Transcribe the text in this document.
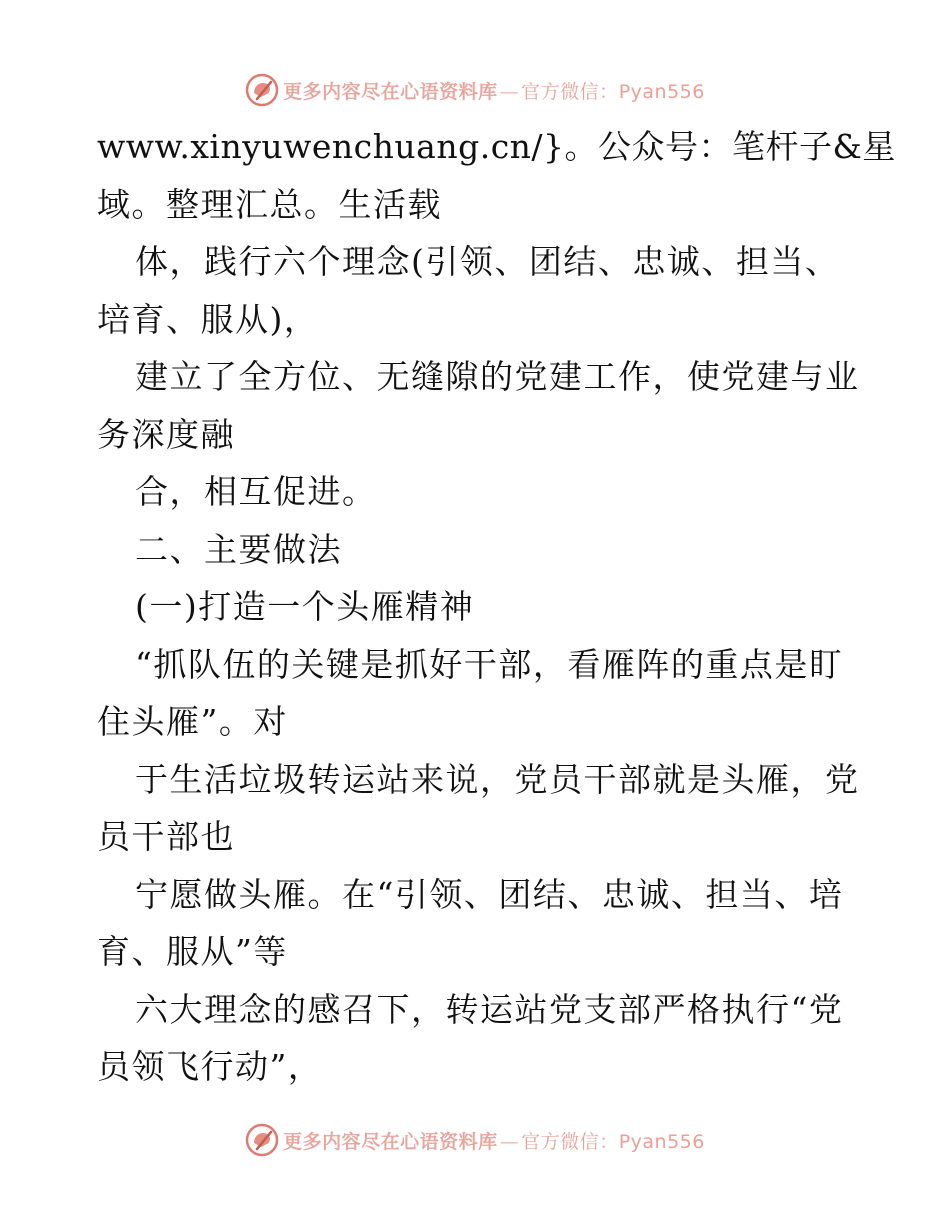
更多内容尽在心语资料库 — 官方微信：Pyan556
www.xinyuwenchuang.cn/}。公众号：笔杆子&星
域。整理汇总。生活载
体，践行六个理念(引领、团结、忠诚、担当、
培育、服从)，
建立了全方位、无缝隙的党建工作，使党建与业
务深度融
合，相互促进。
二、主要做法
(一)打造一个头雁精神
“抓队伍的关键是抓好干部，看雁阵的重点是盯
住头雁”。对
于生活垃圾转运站来说，党员干部就是头雁，党
员干部也
宁愿做头雁。在“引领、团结、忠诚、担当、培
育、服从”等
六大理念的感召下，转运站党支部严格执行“党
员领飞行动”，
更多内容尽在心语资料库 — 官方微信：Pyan556
